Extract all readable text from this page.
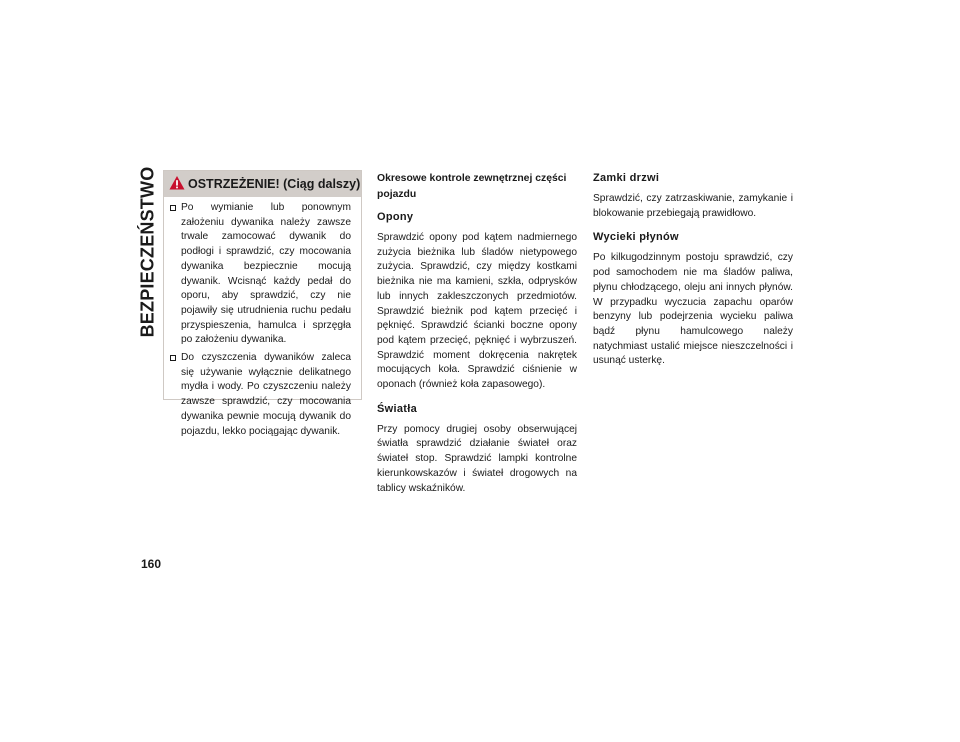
BEZPIECZEŃSTWO	OSTRZEŻENIE! (Ciąg dalszy)
Po wymianie lub ponownym założeniu dywanika należy zawsze trwale zamocować dywanik do podłogi i sprawdzić, czy mocowania dywanika bezpiecznie mocują dywanik. Wcisnąć każdy pedał do oporu, aby sprawdzić, czy nie pojawiły się utrudnienia ruchu pedału przyspieszenia, hamulca i sprzęgła po założeniu dywanika.
Do czyszczenia dywaników zaleca się używanie wyłącznie delikatnego mydła i wody. Po czyszczeniu należy zawsze sprawdzić, czy mocowania dywanika pewnie mocują dywanik do pojazdu, lekko pociągając dywanik.
Okresowe kontrole zewnętrznej części pojazdu
Opony

Sprawdzić opony pod kątem nadmiernego zużycia bieżnika lub śladów nietypowego zużycia. Sprawdzić, czy między kostkami bieżnika nie ma kamieni, szkła, odprysków lub innych zakleszczonych przedmiotów. Sprawdzić bieżnik pod kątem przecięć i pęknięć. Sprawdzić ścianki boczne opony pod kątem przecięć, pęknięć i wybrzuszeń. Sprawdzić moment dokręcenia nakrętek mocujących koła. Sprawdzić ciśnienie w oponach (również koła zapasowego).

Światła

Przy pomocy drugiej osoby obserwującej światła sprawdzić działanie świateł oraz świateł stop. Sprawdzić lampki kontrolne kierunkowskazów i świateł drogowych na tablicy wskaźników.

Zamki drzwi

Sprawdzić, czy zatrzaskiwanie, zamykanie i blokowanie przebiegają prawidłowo.

Wycieki płynów

Po kilkugodzinnym postoju sprawdzić, czy pod samochodem nie ma śladów paliwa, płynu chłodzącego, oleju ani innych płynów. W przypadku wyczucia zapachu oparów benzyny lub podejrzenia wycieku paliwa bądź płynu hamulcowego należy natychmiast ustalić miejsce nieszczelności i usunąć usterkę.

160
